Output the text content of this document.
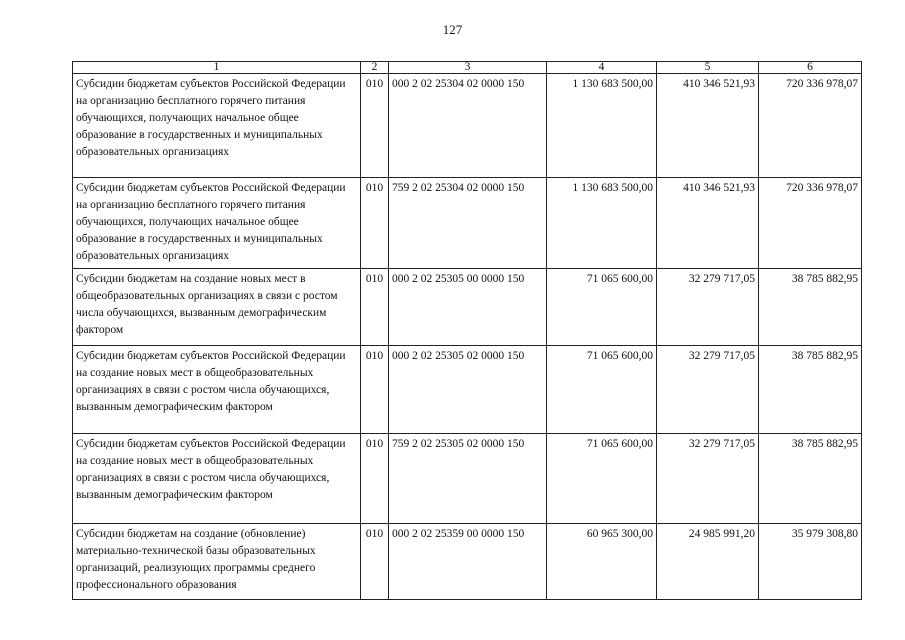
127
1	2	3	4	5	6
Субсидии бюджетам субъектов Российской Федерации на организацию бесплатного горячего питания обучающихся, получающих начальное общее образование в государственных и муниципальных образовательных организациях	010	000 2 02 25304 02 0000 150	1 130 683 500,00	410 346 521,93	720 336 978,07
Субсидии бюджетам субъектов Российской Федерации на организацию бесплатного горячего питания обучающихся, получающих начальное общее образование в государственных и муниципальных образовательных организациях	010	759 2 02 25304 02 0000 150	1 130 683 500,00	410 346 521,93	720 336 978,07
Субсидии бюджетам на создание новых мест в общеобразовательных организациях в связи с ростом числа обучающихся, вызванным демографическим фактором	010	000 2 02 25305 00 0000 150	71 065 600,00	32 279 717,05	38 785 882,95
Субсидии бюджетам субъектов Российской Федерации на создание новых мест в общеобразовательных организациях в связи с ростом числа обучающихся, вызванным демографическим фактором	010	000 2 02 25305 02 0000 150	71 065 600,00	32 279 717,05	38 785 882,95
Субсидии бюджетам субъектов Российской Федерации на создание новых мест в общеобразовательных организациях в связи с ростом числа обучающихся, вызванным демографическим фактором	010	759 2 02 25305 02 0000 150	71 065 600,00	32 279 717,05	38 785 882,95
Субсидии бюджетам на создание (обновление) материально-технической базы образовательных организаций, реализующих программы среднего профессионального образования	010	000 2 02 25359 00 0000 150	60 965 300,00	24 985 991,20	35 979 308,80
